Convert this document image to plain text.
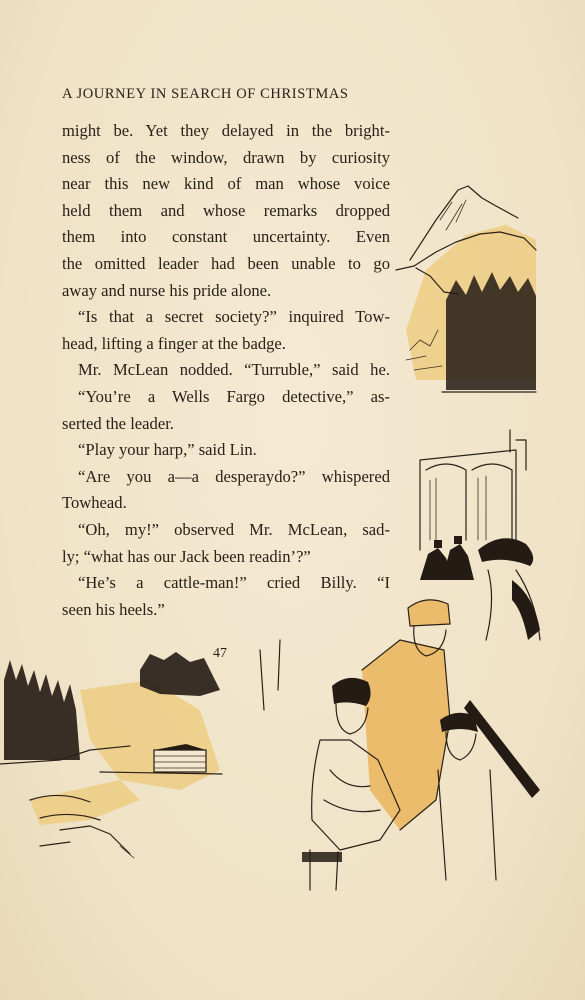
A JOURNEY IN SEARCH OF CHRISTMAS
might be. Yet they delayed in the bright-
ness of the window, drawn by curiosity
near this new kind of man whose voice
held them and whose remarks dropped
them into constant uncertainty. Even
the omitted leader had been unable to go
away and nurse his pride alone.
“Is that a secret society?” inquired Tow-
head, lifting a finger at the badge.
Mr. McLean nodded. “Turruble,” said he.
“You’re a Wells Fargo detective,” as-
serted the leader.
“Play your harp,” said Lin.
“Are you a—a desperaydo?” whispered
Towhead.
“Oh, my!” observed Mr. McLean, sad-
ly; “what has our Jack been readin’?”
“He’s a cattle-man!” cried Billy. “I
seen his heels.”
47
